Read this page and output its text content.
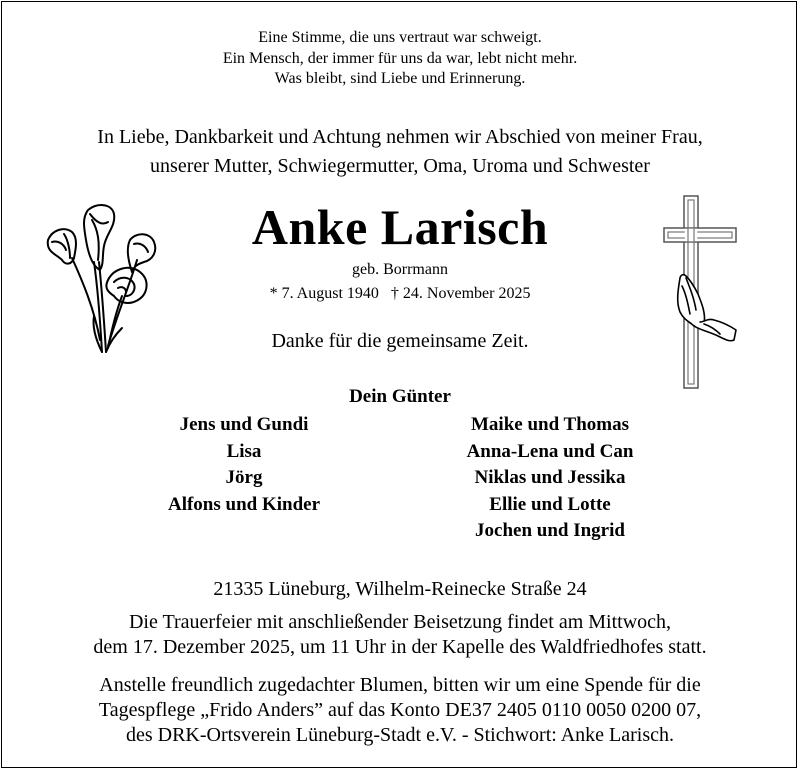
Eine Stimme, die uns vertraut war schweigt.
Ein Mensch, der immer für uns da war, lebt nicht mehr.
Was bleibt, sind Liebe und Erinnerung.
In Liebe, Dankbarkeit und Achtung nehmen wir Abschied von meiner Frau,
unserer Mutter, Schwiegermutter, Oma, Uroma und Schwester
Anke Larisch
geb. Borrmann
* 7. August 1940 † 24. November 2025
Danke für die gemeinsame Zeit.
Dein Günter
Jens und Gundi
Lisa
Jörg
Alfons und Kinder
Maike und Thomas
Anna-Lena und Can
Niklas und Jessika
Ellie und Lotte
Jochen und Ingrid
21335 Lüneburg, Wilhelm-Reinecke Straße 24
Die Trauerfeier mit anschließender Beisetzung findet am Mittwoch,
dem 17. Dezember 2025, um 11 Uhr in der Kapelle des Waldfriedhofes statt.
Anstelle freundlich zugedachter Blumen, bitten wir um eine Spende für die
Tagespflege „Frido Anders” auf das Konto DE37 2405 0110 0050 0200 07,
des DRK-Ortsverein Lüneburg-Stadt e.V. - Stichwort: Anke Larisch.
